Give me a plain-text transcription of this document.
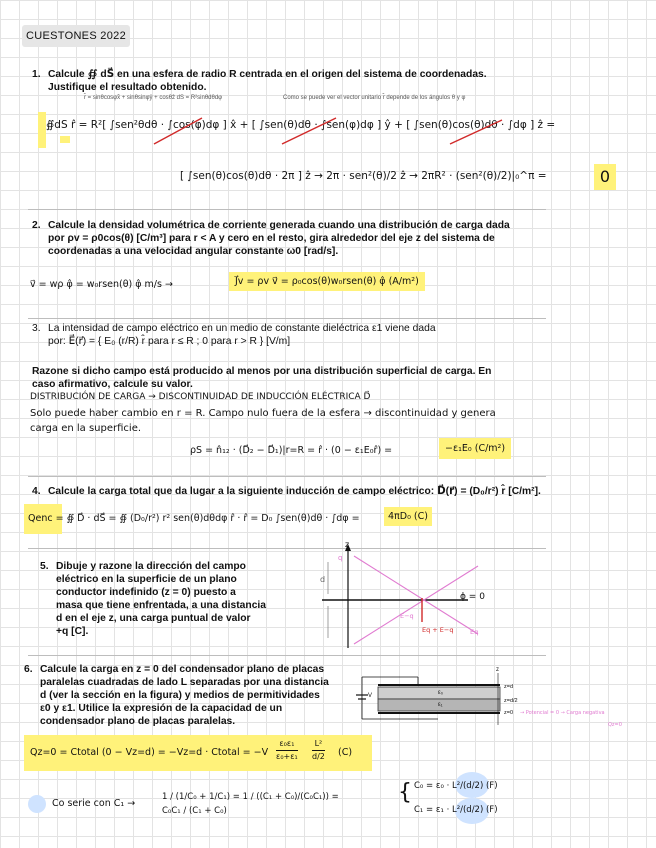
CUESTONES 2022
1. Calcule ∯ dS⃗ en una esfera de radio R centrada en el origen del sistema de coordenadas.
Justifique el resultado obtenido.
r̂ = sinθcosφx̂ + sinθsinφŷ + cosθẑ dS = R²sinθdθdφ	Como se puede ver el vector unitario r̂ depende de los ángulos θ y φ
∯dS r̂ = R²[ ∫sen²θdθ · ∫cos(φ)dφ ] x̂ + [ ∫sen(θ)dθ · ∫sen(φ)dφ ] ŷ + [ ∫sen(θ)cos(θ)dθ · ∫dφ ] ẑ =
[ ∫sen(θ)cos(θ)dθ · 2π ] ẑ → 2π · sen²(θ)/2 ẑ → 2πR² · (sen²(θ)/2)|₀^π =	0
2. Calcule la densidad volumétrica de corriente generada cuando una distribución de carga dada
por ρv = ρ0cos(θ) [C/m³] para r < A y cero en el resto, gira alrededor del eje z del sistema de
coordenadas a una velocidad angular constante ω0 [rad/s].
v⃗ = wρ φ̂ = w₀rsen(θ) φ̂ m/s →	J⃗v = ρv v⃗ = ρ₀cos(θ)w₀rsen(θ) φ̂ (A/m²)
3. La intensidad de campo eléctrico en un medio de constante dieléctrica ε1 viene dada
por: E⃗(r⃗) = { E₀ (r/R) r̂ para r ≤ R ; 0 para r > R } [V/m]
Razone si dicho campo está producido al menos por una distribución superficial de carga. En
caso afirmativo, calcule su valor.
DISTRIBUCIÓN DE CARGA → DISCONTINUIDAD DE INDUCCIÓN ELÉCTRICA D⃗
Solo puede haber cambio en r = R. Campo nulo fuera de la esfera → discontinuidad y genera
carga en la superficie.
ρS = n̂₁₂ · (D⃗₂ − D⃗₁)|r=R = r̂ · (0 − ε₁E₀r̂) =	−ε₁E₀ (C/m²)
4. Calcule la carga total que da lugar a la siguiente inducción de campo eléctrico: D⃗(r⃗) = (D₀/r²) r̂ [C/m²].
Qenc = ∯ D⃗ · dS⃗ = ∯ (D₀/r²) r² sen(θ)dθdφ r̂ · r̂ = D₀ ∫sen(θ)dθ · ∫dφ =	4πD₀ (C)
5. Dibuje y razone la dirección del campo
eléctrico en la superficie de un plano
conductor indefinido (z = 0) puesto a
masa que tiene enfrentada, a una distancia
d en el eje z, una carga puntual de valor
+q [C].
z
ϕ = 0
d
q
Eq
E−q
Eq + E−q
6. Calcule la carga en z = 0 del condensador plano de placas
paralelas cuadradas de lado L separadas por una distancia
d (ver la sección en la figura) y medios de permitividades
ε0 y ε1. Utilice la expresión de la capacidad de un
condensador plano de placas paralelas.
V
z
z=d
z=d/2
z=0
ε₀
ε₁
→ Potencial = 0 → Carga negativa
Qz=0
Qz=0 = Ctotal (0 − Vz=d) = −Vz=d · Ctotal = −V
ε₀ε₁
ε₀+ε₁
L²
d/2 (C)
Co serie con C₁ →
1 / (1/C₀ + 1/C₁) = 1 / ((C₁ + C₀)/(C₀C₁)) =
C₀C₁ / (C₁ + C₀)
{ C₀ = ε₀ · L²/(d/2) (F)
C₁ = ε₁ · L²/(d/2) (F)
